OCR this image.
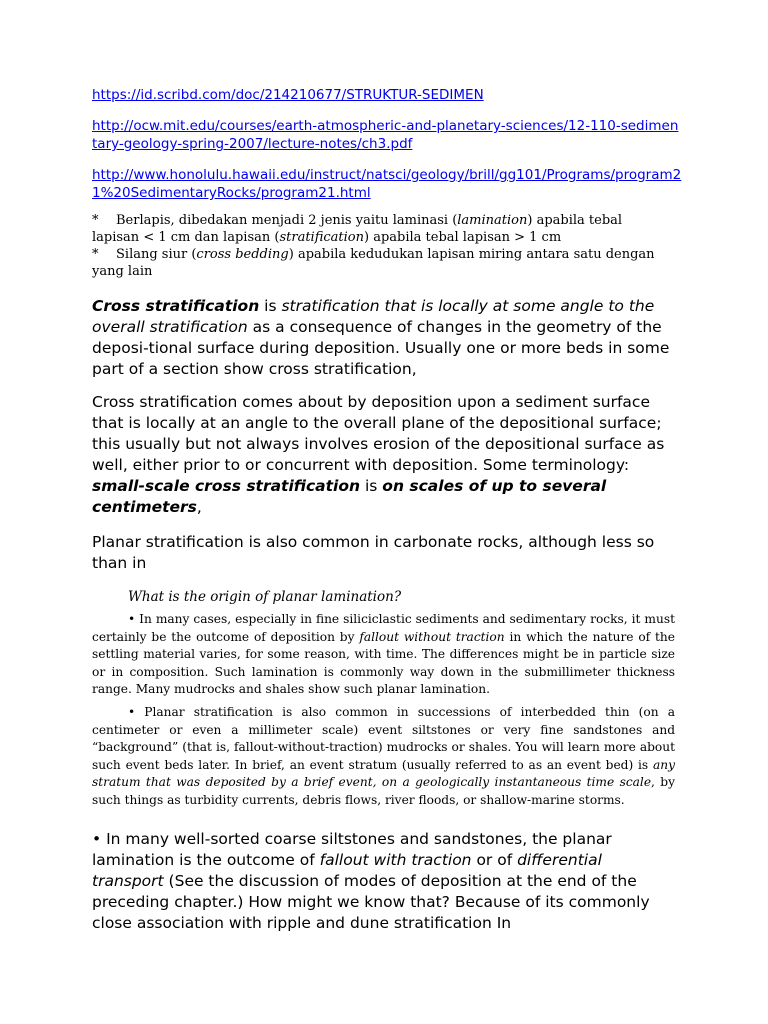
https://id.scribd.com/doc/214210677/STRUKTUR-SEDIMEN
http://ocw.mit.edu/courses/earth-atmospheric-and-planetary-sciences/12-110-sedimentary-geology-spring-2007/lecture-notes/ch3.pdf
http://www.honolulu.hawaii.edu/instruct/natsci/geology/brill/gg101/Programs/program21%20SedimentaryRocks/program21.html

* Berlapis, dibedakan menjadi 2 jenis yaitu laminasi (lamination) apabila tebal lapisan < 1 cm dan lapisan (stratification) apabila tebal lapisan > 1 cm

* Silang siur (cross bedding) apabila kedudukan lapisan miring antara satu dengan yang lain

Cross stratification is stratification that is locally at some angle to the overall stratification as a consequence of changes in the geometry of the deposi-tional surface during deposition. Usually one or more beds in some part of a section show cross stratification,

Cross stratification comes about by deposition upon a sediment surface that is locally at an angle to the overall plane of the depositional surface; this usually but not always involves erosion of the depositional surface as well, either prior to or concurrent with deposition. Some terminology: small-scale cross stratification is on scales of up to several centimeters,

Planar stratification is also common in carbonate rocks, although less so than in

What is the origin of planar lamination?

• In many cases, especially in fine siliciclastic sediments and sedimentary rocks, it must certainly be the outcome of deposition by fallout without traction in which the nature of the settling material varies, for some reason, with time. The differences might be in particle size or in composition. Such lamination is commonly way down in the submillimeter thickness range. Many mudrocks and shales show such planar lamination.

• Planar stratification is also common in successions of interbedded thin (on a centimeter or even a millimeter scale) event siltstones or very fine sandstones and “background” (that is, fallout-without-traction) mudrocks or shales. You will learn more about such event beds later. In brief, an event stratum (usually referred to as an event bed) is any stratum that was deposited by a brief event, on a geologically instantaneous time scale, by such things as turbidity currents, debris flows, river floods, or shallow-marine storms.

• In many well-sorted coarse siltstones and sandstones, the planar lamination is the outcome of fallout with traction or of differential transport (See the discussion of modes of deposition at the end of the preceding chapter.) How might we know that? Because of its commonly close association with ripple and dune stratification In
